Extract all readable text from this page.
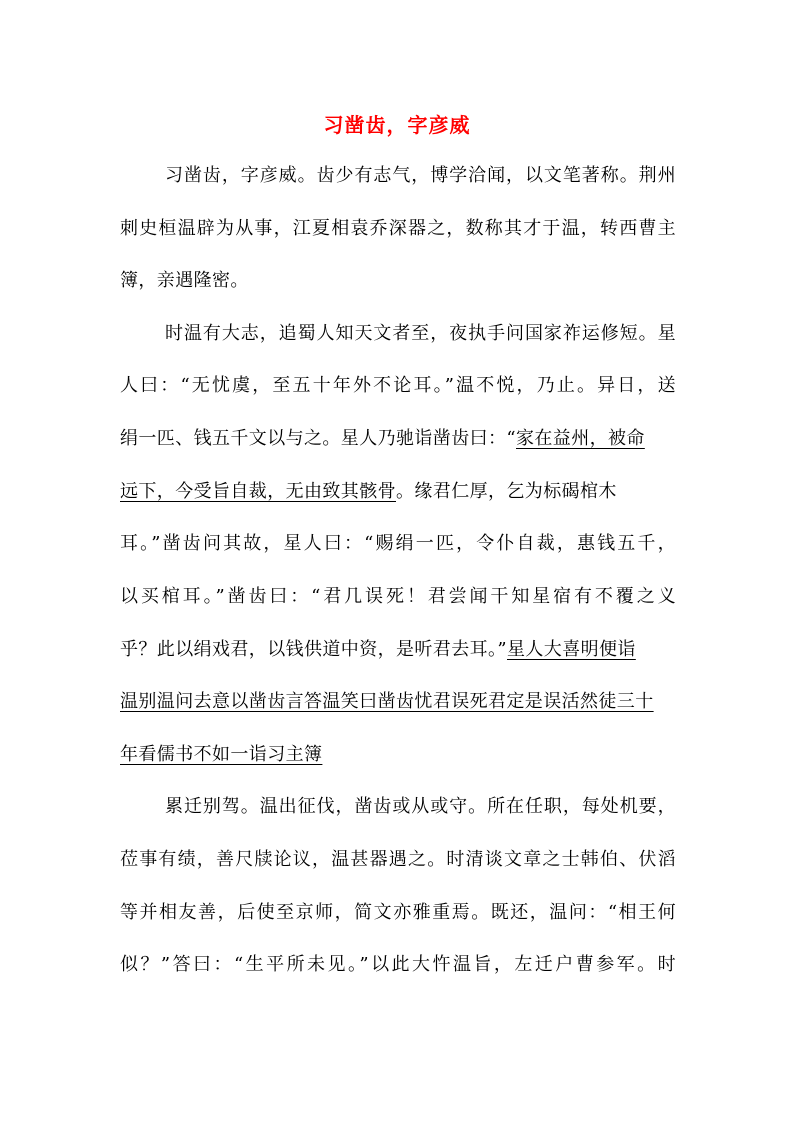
习凿齿，字彦威
习凿齿，字彦威。齿少有志气，博学洽闻，以文笔著称。荆州
刺史桓温辟为从事，江夏相袁乔深器之，数称其才于温，转西曹主
簿，亲遇隆密。
时温有大志，追蜀人知天文者至，夜执手问国家祚运修短。星
人曰：“无忧虞，至五十年外不论耳。”温不悦，乃止。异日，送
绢一匹、钱五千文以与之。星人乃驰诣凿齿曰：“家在益州，被命
远下，今受旨自裁，无由致其骸骨。缘君仁厚，乞为标碣棺木
耳。”凿齿问其故，星人曰：“赐绢一匹，令仆自裁，惠钱五千，
以买棺耳。”凿齿曰：“君几误死！君尝闻干知星宿有不覆之义
乎？此以绢戏君，以钱供道中资，是听君去耳。”星人大喜明便诣
温别温问去意以凿齿言答温笑曰凿齿忧君误死君定是误活然徒三十
年看儒书不如一诣习主簿
累迁别驾。温出征伐，凿齿或从或守。所在任职，每处机要，
莅事有绩，善尺牍论议，温甚器遇之。时清谈文章之士韩伯、伏滔
等并相友善，后使至京师，简文亦雅重焉。既还，温问：“相王何
似？”答曰：“生平所未见。”以此大忤温旨，左迁户曹参军。时
